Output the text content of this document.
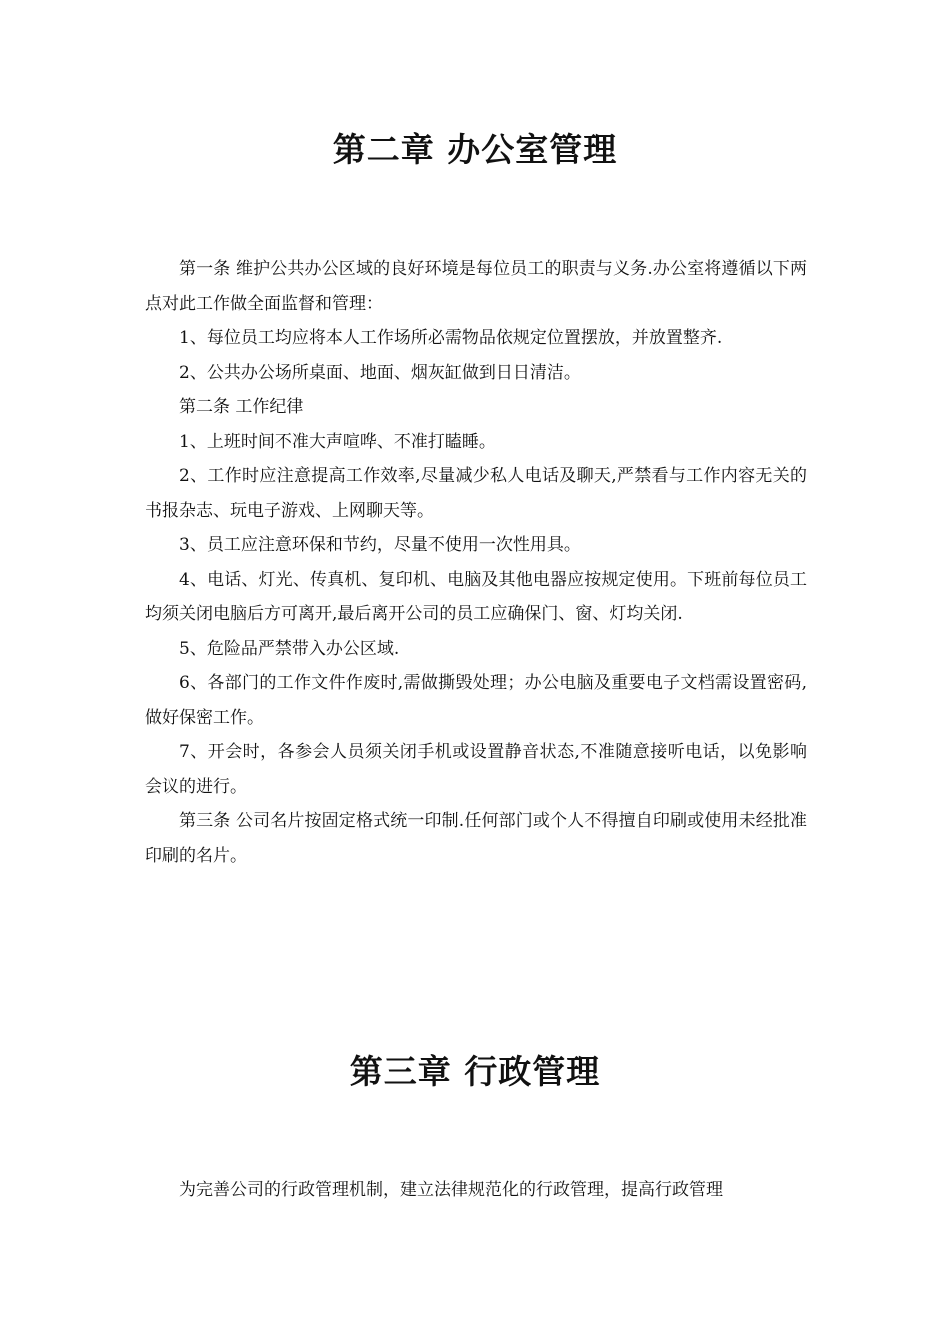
第二章 办公室管理

第一条 维护公共办公区域的良好环境是每位员工的职责与义务.办公室将遵循以下两点对此工作做全面监督和管理：

1、每位员工均应将本人工作场所必需物品依规定位置摆放，并放置整齐.

2、公共办公场所桌面、地面、烟灰缸做到日日清洁。

第二条 工作纪律

1、上班时间不准大声喧哗、不准打瞌睡。

2、工作时应注意提高工作效率,尽量减少私人电话及聊天,严禁看与工作内容无关的书报杂志、玩电子游戏、上网聊天等。

3、员工应注意环保和节约，尽量不使用一次性用具。

4、电话、灯光、传真机、复印机、电脑及其他电器应按规定使用。下班前每位员工均须关闭电脑后方可离开,最后离开公司的员工应确保门、窗、灯均关闭.

5、危险品严禁带入办公区域.

6、各部门的工作文件作废时,需做撕毁处理；办公电脑及重要电子文档需设置密码,做好保密工作。

7、开会时，各参会人员须关闭手机或设置静音状态,不准随意接听电话，以免影响会议的进行。

第三条 公司名片按固定格式统一印制.任何部门或个人不得擅自印刷或使用未经批准印刷的名片。

第三章 行政管理

为完善公司的行政管理机制，建立法律规范化的行政管理，提高行政管理
